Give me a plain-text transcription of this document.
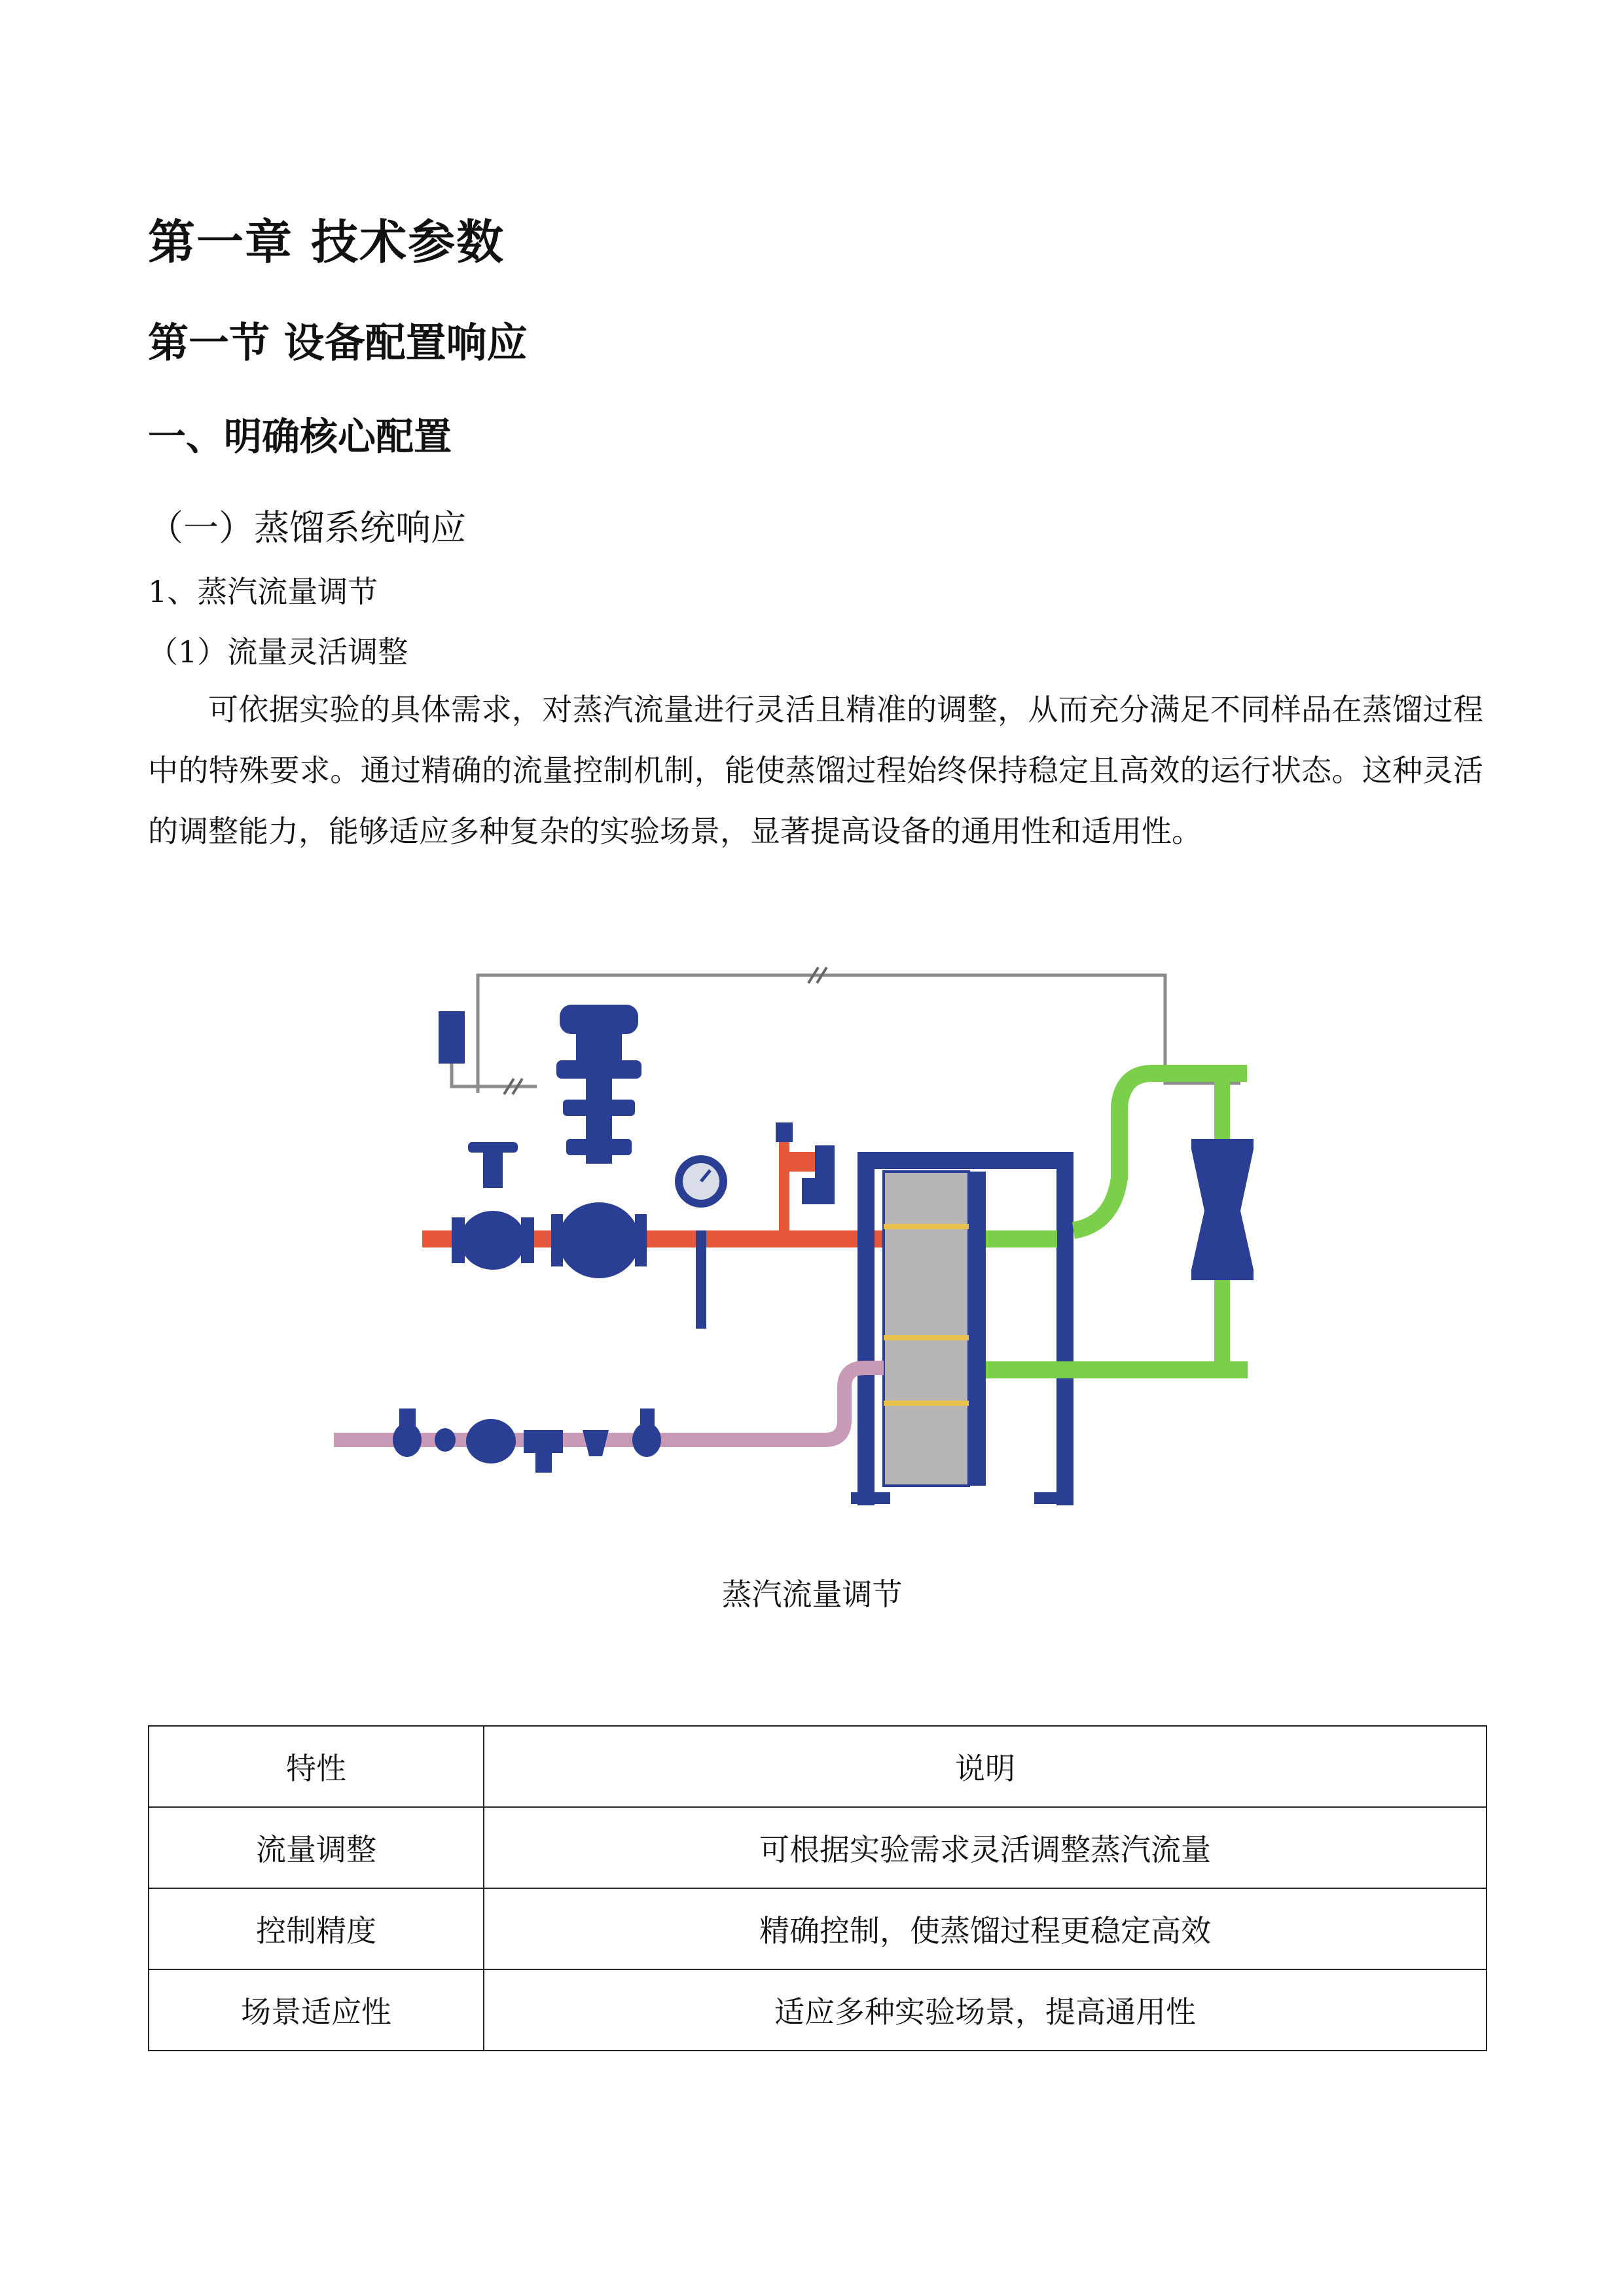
第一章 技术参数
第一节 设备配置响应
一、明确核心配置
（一）蒸馏系统响应
1、蒸汽流量调节
（1）流量灵活调整

可依据实验的具体需求，对蒸汽流量进行灵活且精准的调整，从而充分满足不同样品在蒸馏过程中的特殊要求。通过精确的流量控制机制，能使蒸馏过程始终保持稳定且高效的运行状态。这种灵活的调整能力，能够适应多种复杂的实验场景，显著提高设备的通用性和适用性。

蒸汽流量调节
特性	说明
流量调整	可根据实验需求灵活调整蒸汽流量
控制精度	精确控制，使蒸馏过程更稳定高效
场景适应性	适应多种实验场景，提高通用性
